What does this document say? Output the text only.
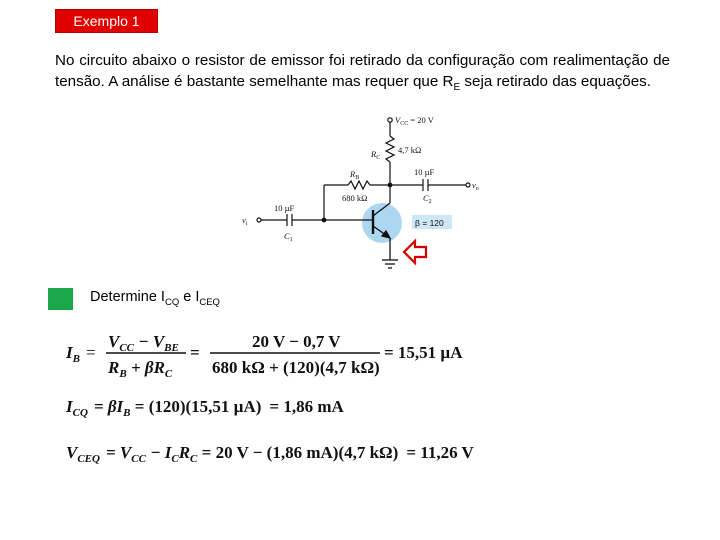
Exemplo 1
No circuito abaixo o resistor de emissor foi retirado da configuração com realimentação de tensão. A análise é bastante semelhante mas requer que $R_E$ seja retirado das equações.
β = 120
$V_{CC} = 20$ V
$R_C$
4,7 kΩ
$R_B$
680 kΩ
10 µF
$C_2$
10 µF
$C_1$
$v_i$
$v_o$
Determine $I_{CQ}$ e $I_{CEQ}$
$I_B$ =
$V_{CC} - V_{BE}$
$R_B + \beta R_C$
=
20 V − 0,7 V
680 kΩ + (120)(4,7 kΩ)
= 15,51 µA
$I_{CQ} = \beta I_B = (120)(15,51$ µA) = 1,86 mA
$V_{CEQ} = V_{CC} - I_CR_C = 20$ V − (1,86 mA)(4,7 kΩ) = 11,26 V
